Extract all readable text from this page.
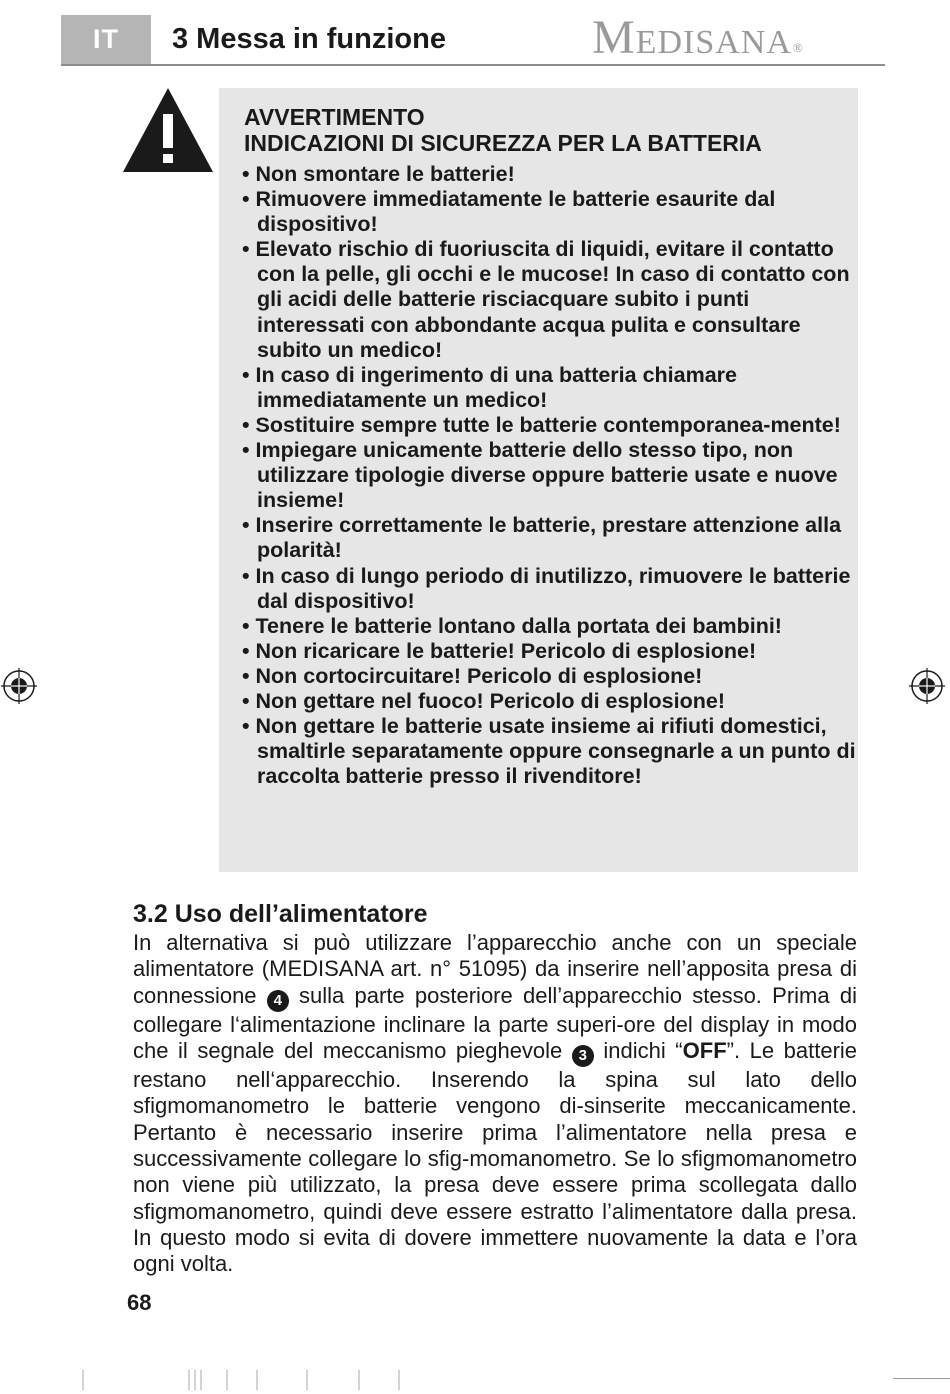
IT	3 Messa in funzione	Medisana®
AVVERTIMENTO
INDICAZIONI DI SICUREZZA PER LA BATTERIA
• Non smontare le batterie!
• Rimuovere immediatamente le batterie esaurite dal dispositivo!
• Elevato rischio di fuoriuscita di liquidi, evitare il contatto con la pelle, gli occhi e le mucose! In caso di contatto con gli acidi delle batterie risciacquare subito i punti interessati con abbondante acqua pulita e consultare subito un medico!
• In caso di ingerimento di una batteria chiamare immediatamente un medico!
• Sostituire sempre tutte le batterie contemporanea-mente!
• Impiegare unicamente batterie dello stesso tipo, non utilizzare tipologie diverse oppure batterie usate e nuove insieme!
• Inserire correttamente le batterie, prestare attenzione alla polarità!
• In caso di lungo periodo di inutilizzo, rimuovere le batterie dal dispositivo!
• Tenere le batterie lontano dalla portata dei bambini!
• Non ricaricare le batterie! Pericolo di esplosione!
• Non cortocircuitare! Pericolo di esplosione!
• Non gettare nel fuoco! Pericolo di esplosione!
• Non gettare le batterie usate insieme ai rifiuti domestici, smaltirle separatamente oppure consegnarle a un punto di raccolta batterie presso il rivenditore!
3.2 Uso dell’alimentatore

In alternativa si può utilizzare l’apparecchio anche con un speciale alimentatore (MEDISANA art. n° 51095) da inserire nell’apposita presa di connessione 4 sulla parte posteriore dell’apparecchio stesso. Prima di collegare l‘alimentazione inclinare la parte superi-ore del display in modo che il segnale del meccanismo pieghevole 3 indichi “OFF”. Le batterie restano nell‘apparecchio. Inserendo la spina sul lato dello sfigmomanometro le batterie vengono di-sinserite meccanicamente. Pertanto è necessario inserire prima l’alimentatore nella presa e successivamente collegare lo sfig-momanometro. Se lo sfigmomanometro non viene più utilizzato, la presa deve essere prima scollegata dallo sfigmomanometro, quindi deve essere estratto l’alimentatore dalla presa. In questo modo si evita di dovere immettere nuovamente la data e l’ora ogni volta.

68
